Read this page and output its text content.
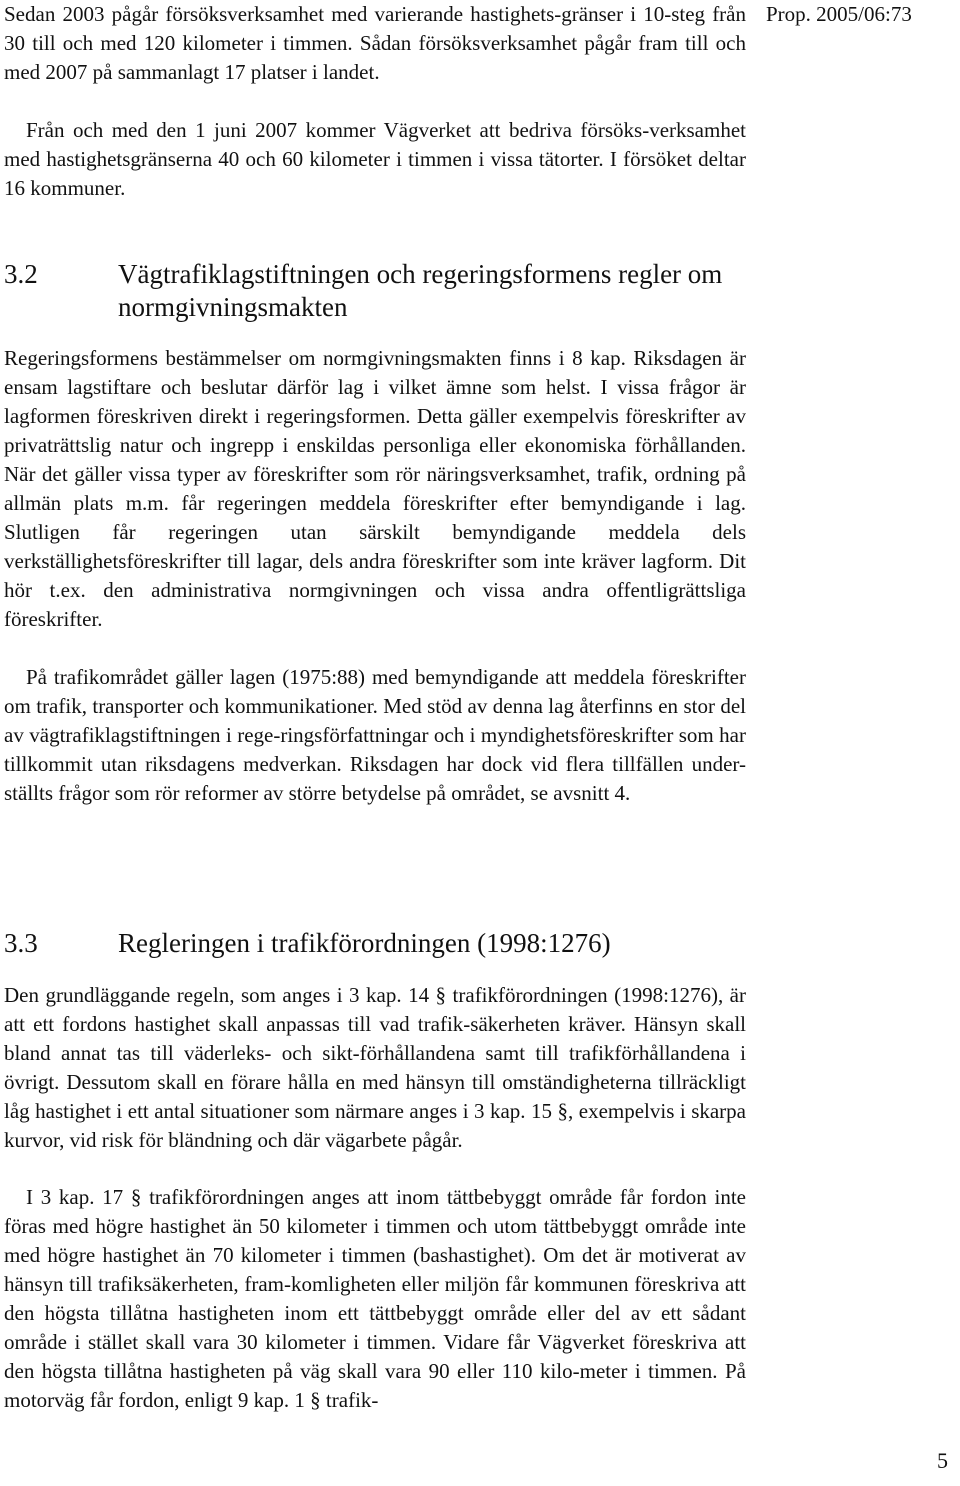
Prop. 2005/06:73

Sedan 2003 pågår försöksverksamhet med varierande hastighets-gränser i 10-steg från 30 till och med 120 kilometer i timmen. Sådan försöksverksamhet pågår fram till och med 2007 på sammanlagt 17 platser i landet.

Från och med den 1 juni 2007 kommer Vägverket att bedriva försöks-verksamhet med hastighetsgränserna 40 och 60 kilometer i timmen i vissa tätorter. I försöket deltar 16 kommuner.

3.2	Vägtrafiklagstiftningen och regeringsformens regler om normgivningsmakten

Regeringsformens bestämmelser om normgivningsmakten finns i 8 kap. Riksdagen är ensam lagstiftare och beslutar därför lag i vilket ämne som helst. I vissa frågor är lagformen föreskriven direkt i regeringsformen. Detta gäller exempelvis föreskrifter av privaträttslig natur och ingrepp i enskildas personliga eller ekonomiska förhållanden. När det gäller vissa typer av föreskrifter som rör näringsverksamhet, trafik, ordning på allmän plats m.m. får regeringen meddela föreskrifter efter bemyndigande i lag. Slutligen får regeringen utan särskilt bemyndigande meddela dels verkställighetsföreskrifter till lagar, dels andra föreskrifter som inte kräver lagform. Dit hör t.ex. den administrativa normgivningen och vissa andra offentligrättsliga föreskrifter.

På trafikområdet gäller lagen (1975:88) med bemyndigande att meddela föreskrifter om trafik, transporter och kommunikationer. Med stöd av denna lag återfinns en stor del av vägtrafiklagstiftningen i rege-ringsförfattningar och i myndighetsföreskrifter som har tillkommit utan riksdagens medverkan. Riksdagen har dock vid flera tillfällen under-ställts frågor som rör reformer av större betydelse på området, se avsnitt 4.

3.3	Regleringen i trafikförordningen (1998:1276)

Den grundläggande regeln, som anges i 3 kap. 14 § trafikförordningen (1998:1276), är att ett fordons hastighet skall anpassas till vad trafik-säkerheten kräver. Hänsyn skall bland annat tas till väderleks- och sikt-förhållandena samt till trafikförhållandena i övrigt. Dessutom skall en förare hålla en med hänsyn till omständigheterna tillräckligt låg hastighet i ett antal situationer som närmare anges i 3 kap. 15 §, exempelvis i skarpa kurvor, vid risk för bländning och där vägarbete pågår.

I 3 kap. 17 § trafikförordningen anges att inom tättbebyggt område får fordon inte föras med högre hastighet än 50 kilometer i timmen och utom tättbebyggt område inte med högre hastighet än 70 kilometer i timmen (bashastighet). Om det är motiverat av hänsyn till trafiksäkerheten, fram-komligheten eller miljön får kommunen föreskriva att den högsta tillåtna hastigheten inom ett tättbebyggt område eller del av ett sådant område i stället skall vara 30 kilometer i timmen. Vidare får Vägverket föreskriva att den högsta tillåtna hastigheten på väg skall vara 90 eller 110 kilo-meter i timmen. På motorväg får fordon, enligt 9 kap. 1 § trafik-

5
